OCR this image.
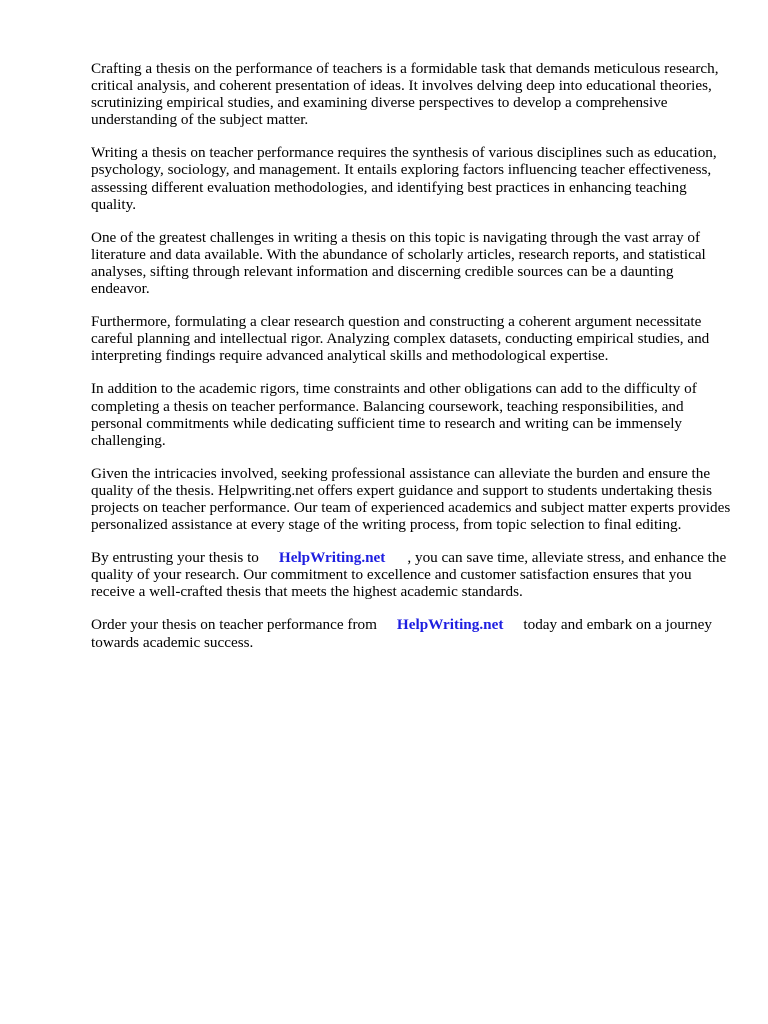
Crafting a thesis on the performance of teachers is a formidable task that demands meticulous research, critical analysis, and coherent presentation of ideas. It involves delving deep into educational theories, scrutinizing empirical studies, and examining diverse perspectives to develop a comprehensive understanding of the subject matter.

Writing a thesis on teacher performance requires the synthesis of various disciplines such as education, psychology, sociology, and management. It entails exploring factors influencing teacher effectiveness, assessing different evaluation methodologies, and identifying best practices in enhancing teaching quality.

One of the greatest challenges in writing a thesis on this topic is navigating through the vast array of literature and data available. With the abundance of scholarly articles, research reports, and statistical analyses, sifting through relevant information and discerning credible sources can be a daunting endeavor.

Furthermore, formulating a clear research question and constructing a coherent argument necessitate careful planning and intellectual rigor. Analyzing complex datasets, conducting empirical studies, and interpreting findings require advanced analytical skills and methodological expertise.

In addition to the academic rigors, time constraints and other obligations can add to the difficulty of completing a thesis on teacher performance. Balancing coursework, teaching responsibilities, and personal commitments while dedicating sufficient time to research and writing can be immensely challenging.

Given the intricacies involved, seeking professional assistance can alleviate the burden and ensure the quality of the thesis. Helpwriting.net offers expert guidance and support to students undertaking thesis projects on teacher performance. Our team of experienced academics and subject matter experts provides personalized assistance at every stage of the writing process, from topic selection to final editing.

By entrusting your thesis to HelpWriting.net , you can save time, alleviate stress, and enhance the quality of your research. Our commitment to excellence and customer satisfaction ensures that you receive a well-crafted thesis that meets the highest academic standards.

Order your thesis on teacher performance from HelpWriting.net today and embark on a journey towards academic success.
